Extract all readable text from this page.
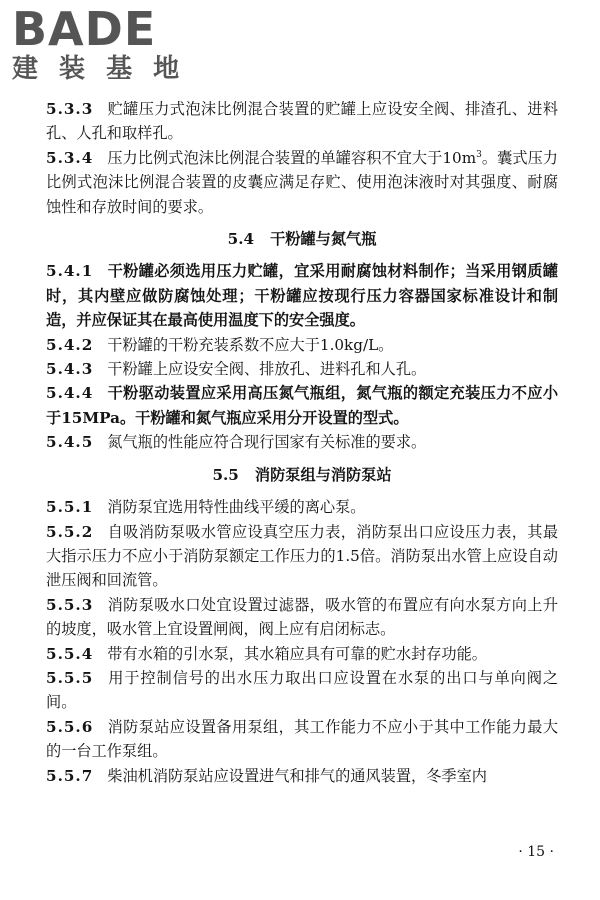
BADE
建 装 基 地

5.3.3 贮罐压力式泡沫比例混合装置的贮罐上应设安全阀、排渣孔、进料孔、人孔和取样孔。

5.3.4 压力比例式泡沫比例混合装置的单罐容积不宜大于$10m^3$。囊式压力比例式泡沫比例混合装置的皮囊应满足存贮、使用泡沫液时对其强度、耐腐蚀性和存放时间的要求。

5.4 干粉罐与氮气瓶

5.4.1 干粉罐必须选用压力贮罐，宜采用耐腐蚀材料制作；当采用钢质罐时，其内壁应做防腐蚀处理；干粉罐应按现行压力容器国家标准设计和制造，并应保证其在最高使用温度下的安全强度。

5.4.2 干粉罐的干粉充装系数不应大于1.0kg/L。

5.4.3 干粉罐上应设安全阀、排放孔、进料孔和人孔。

5.4.4 干粉驱动装置应采用高压氮气瓶组，氮气瓶的额定充装压力不应小于15MPa。干粉罐和氮气瓶应采用分开设置的型式。

5.4.5 氮气瓶的性能应符合现行国家有关标准的要求。

5.5 消防泵组与消防泵站

5.5.1 消防泵宜选用特性曲线平缓的离心泵。

5.5.2 自吸消防泵吸水管应设真空压力表，消防泵出口应设压力表，其最大指示压力不应小于消防泵额定工作压力的1.5倍。消防泵出水管上应设自动泄压阀和回流管。

5.5.3 消防泵吸水口处宜设置过滤器，吸水管的布置应有向水泵方向上升的坡度，吸水管上宜设置闸阀，阀上应有启闭标志。

5.5.4 带有水箱的引水泵，其水箱应具有可靠的贮水封存功能。

5.5.5 用于控制信号的出水压力取出口应设置在水泵的出口与单向阀之间。

5.5.6 消防泵站应设置备用泵组，其工作能力不应小于其中工作能力最大的一台工作泵组。

5.5.7 柴油机消防泵站应设置进气和排气的通风装置，冬季室内

· 15 ·
